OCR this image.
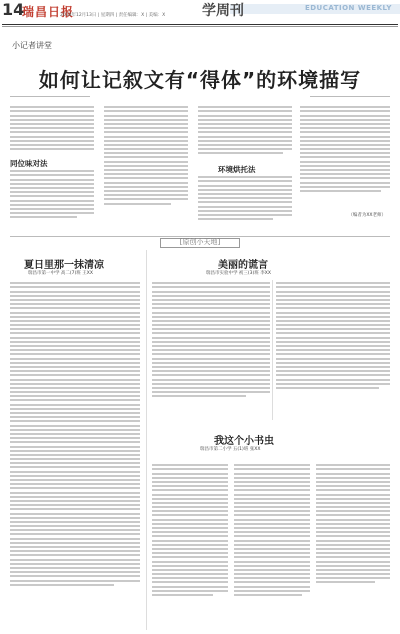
14
瑞昌日报
2018年12月13日 | 星期四 | 责任编辑：X | 美编：X	学周刊	EDUCATION WEEKLY
小记者讲堂
如何让记叙文有“得体”的环境描写
同位味对法
环境烘托法
（编者为XX老师）
[原创小天地]
夏日里那一抹清凉
瑞昌市第一中学 高二(7)班 王XX
美丽的谎言
瑞昌市实验中学 初三(3)班 李XX
我这个小书虫
瑞昌市第二小学 五(1)班 张XX
